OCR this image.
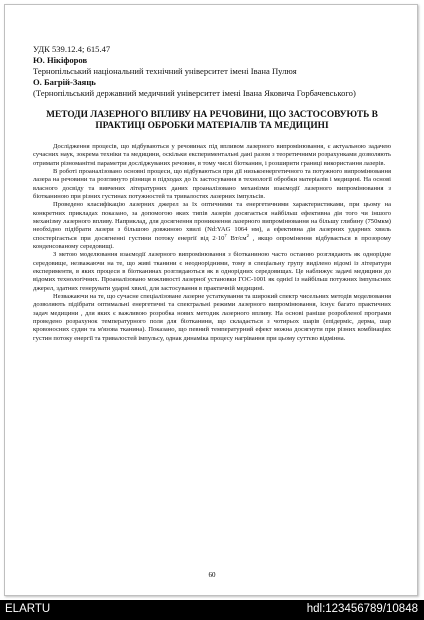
УДК 539.12.4; 615.47

Ю. Нікіфоров

Тернопільський національний технічний університет імені Івана Пулюя

О. Багрій-Заяць

(Тернопільський державний медичний університет імені Івана Яковича Горбачевського)

МЕТОДИ ЛАЗЕРНОГО ВПЛИВУ НА РЕЧОВИНИ, ЩО ЗАСТОСОВУЮТЬ В ПРАКТИЦІ ОБРОБКИ МАТЕРІАЛІВ ТА МЕДИЦИНІ

Дослідження процесів, що відбуваються у речовинах під впливом лазерного випромінювання, є актуальною задачею сучасних наук, зокрема техніки та медицини, оскільки експериментальні дані разом з теоретичними розрахунками дозволяють отримати різноманітні параметри досліджуваних речовин, в тому числі біотканин, і розширити границі використання лазерів.

В роботі проаналізовано основні процеси, що відбуваються при дії низькоенергетичного та потужного випромінювання лазера на речовини та розглянуто різниця в підходах до їх застосування в технології обробки матеріалів і медицині. На основі власного досвіду та вивчених літературних даних проаналізовано механізми взаємодії лазерного випромінювання з біотканиною при різних густинах потужностей та тривалостях лазерних імпульсів.

Проведено класифікацію лазерних джерел за їх оптичними та енергетичними характеристиками, при цьому на конкретних прикладах показано, за допомогою яких типів лазерів досягається найбільш ефективна дія того чи іншого механізму лазерного впливу. Наприклад, для досягнення проникнення лазерного випромінювання на більшу глибину (750мкм) необхідно підібрати лазери з більшою довжиною хвилі (Nd:YAG 1064 нм), а ефективна дія лазерних ударних хвиль спостерігається при досягненні густини потоку енергії від $2\cdot 10^7$ $Вт/см^2$ , якщо опромінення відбувається в прозорому конденсованому середовищі.

З метою моделювання взаємодії лазерного випромінювання з біотканиною часто останню розглядають як однорідне середовище, незважаючи на те, що живі тканини є неоднорідними, тому в спеціальну групу виділено відомі із літератури експерименти, в яких процеси в біотканинах розглядаються як в однорідних середовищах. Це наближує задачі медицини до відомих технологічних. Проаналізовано можливості лазерної установки ГОС-1001 як однієї із найбільш потужних імпульсних джерел, здатних генерувати ударні хвилі, для застосування в практичній медицині.

Незважаючи на те, що сучасне спеціалізоване лазерне устаткування та широкий спектр чисельних методів моделювання дозволяють підібрати оптимальні енергетичні та спектральні режими лазерного випромінювання, існує багато практичних задач медицини , для яких є важливою розробка нових методик лазерного впливу. На основі раніше розробленої програми проведено розрахунок температурного поля для біотканини, що складається з чотирьох шарів (епідерміс, дерма, шар кровоносних судин та м'язова тканина). Показано, що певний температурний ефект можна досягнути при різних комбінаціях густин потоку енергії та тривалостей імпульсу, однак динаміка процесу нагрівання при цьому суттєво відмінна.

60
ELARTU	hdl:123456789/10848
